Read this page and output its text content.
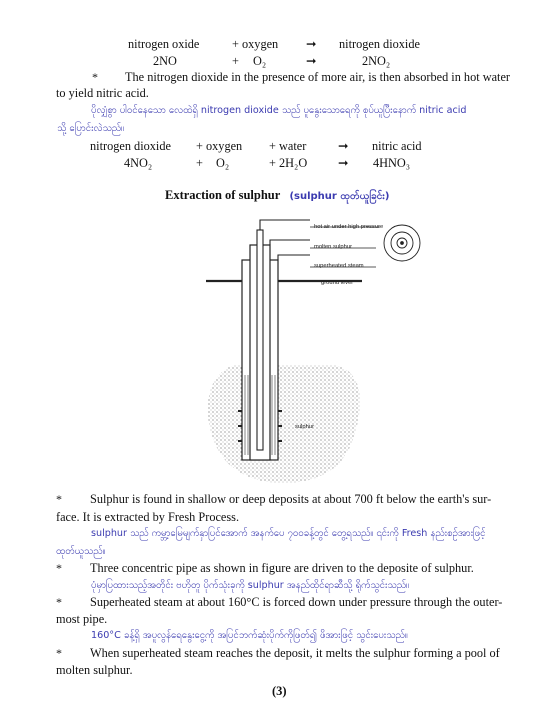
nitrogen oxide	+ oxygen ➞ nitrogen dioxide
2NO	+ O₂	➞	2NO₂
* The nitrogen dioxide in the presence of more air, is then absorbed in hot water
to yield nitric acid.
ပိုလျှံစွာ ပါဝင်နေသော လေထဲရှိ nitrogen dioxide သည် ပူနွေးသောရေကို စုပ်ယူပြီးနောက် nitric acid
သို့ ပြောင်းလဲသည်။
nitrogen dioxide + oxygen + water	➞ nitric acid
4NO₂	+ O₂	+ 2H₂O	➞ 4HNO₃
Extraction of sulphur (sulphur ထုတ်ယူခြင်း)
hot air under high pressure
molten sulphur
superheated steam
ground level
sulphur
* Sulphur is found in shallow or deep deposits at about 700 ft below the earth's sur-
face. It is extracted by Fresh Process.
sulphur သည် ကမ္ဘာ့မြေမျက်နှာပြင်အောက် အနက်ပေ ၇၀၀ခန့်တွင် တွေ့ရသည်။ ၎င်းကို Fresh နည်းစဉ်အားဖြင့်
ထုတ်ယူသည်။
* Three concentric pipe as shown in figure are driven to the deposite of sulphur.
ပုံမှာပြထားသည့်အတိုင်း ဗဟိုတူ ပိုက်သုံးခုကို sulphur အနည်ထိုင်ရာဆီသို့ ရိုက်သွင်းသည်။
* Superheated steam at about 160°C is forced down under pressure through the outer-
most pipe.
160°C ခန့်ရှိ အပူလွန်ရေနွေးငွေ့ကို အပြင်ဘက်ဆုံးပိုက်ကိုဖြတ်၍ ဖိအားဖြင့် သွင်းပေးသည်။
* When superheated steam reaches the deposit, it melts the sulphur forming a pool of
molten sulphur.
(3)
